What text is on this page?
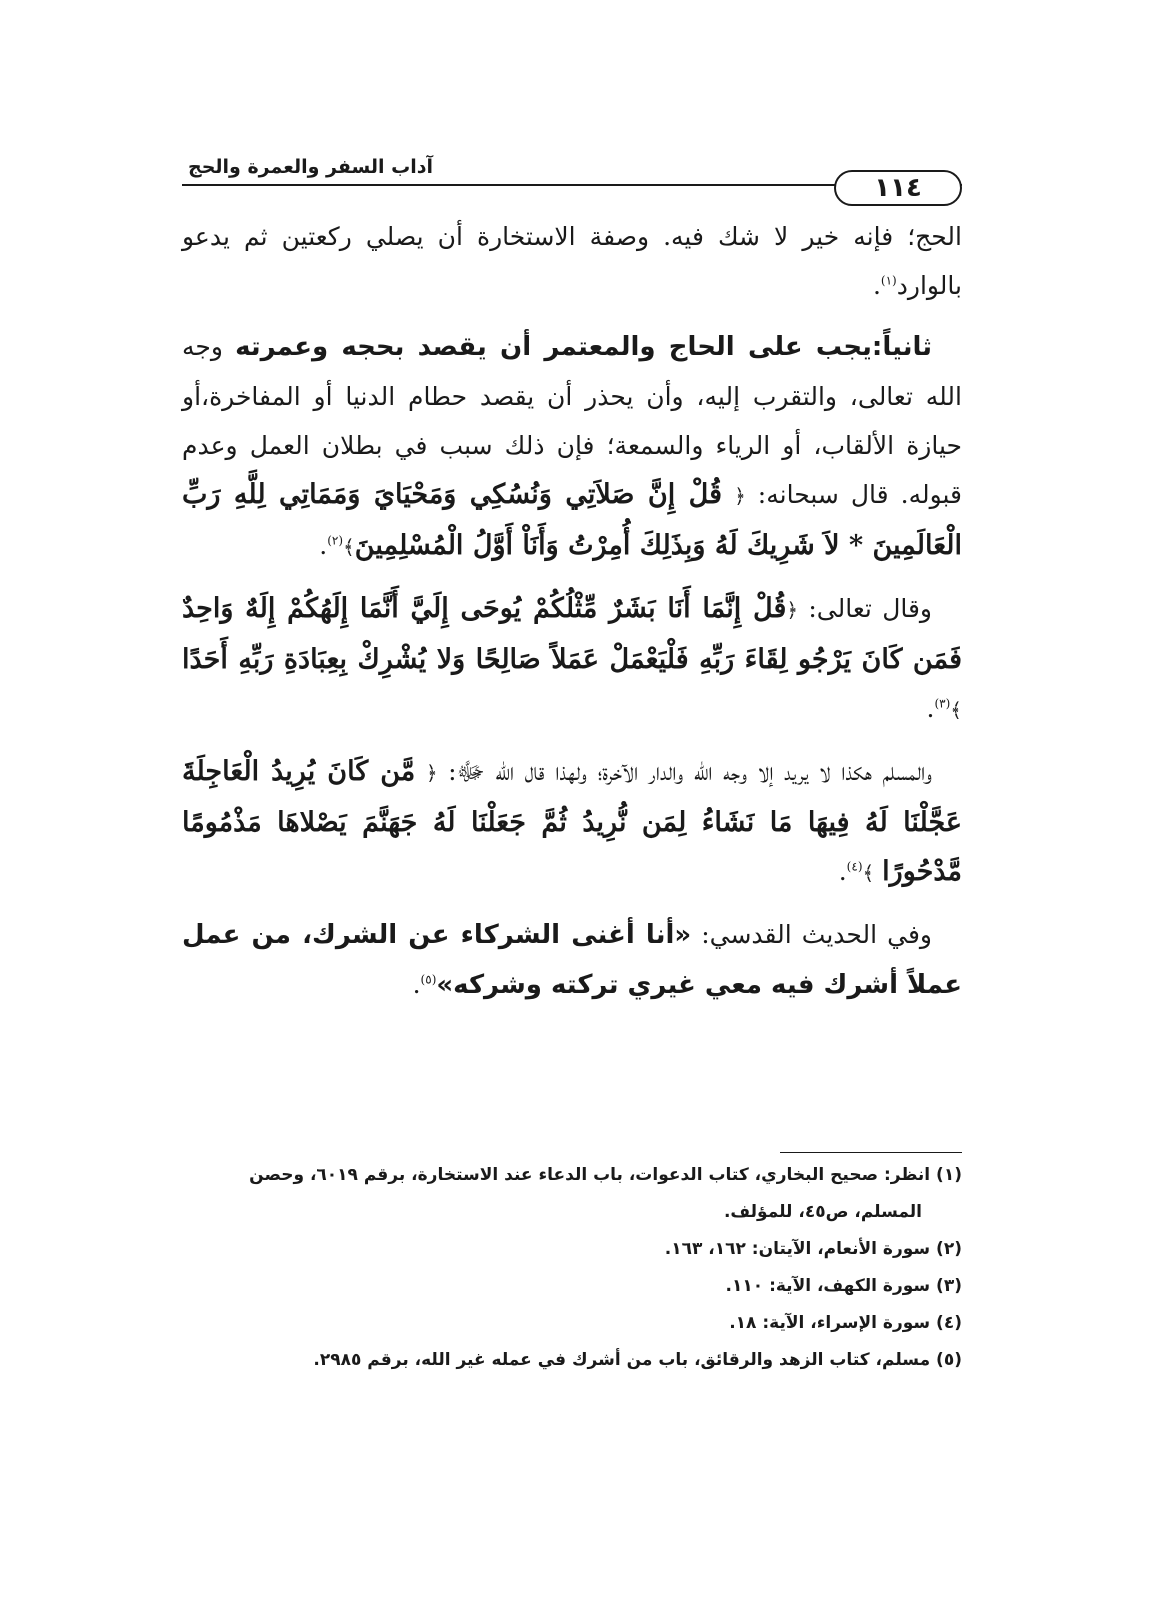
آداب السفر والعمرة والحج
١١٤

الحج؛ فإنه خير لا شك فيه. وصفة الاستخارة أن يصلي ركعتين ثم يدعو بالوارد$^{(١)}$.

ثانياً:يجب على الحاج والمعتمر أن يقصد بحجه وعمرته وجه الله تعالى، والتقرب إليه، وأن يحذر أن يقصد حطام الدنيا أو المفاخرة،أو حيازة الألقاب، أو الرياء والسمعة؛ فإن ذلك سبب في بطلان العمل وعدم قبوله. قال سبحانه: ﴿ قُلْ إِنَّ صَلاَتِي وَنُسُكِي وَمَحْيَايَ وَمَمَاتِي لِلَّهِ رَبِّ الْعَالَمِينَ * لاَ شَرِيكَ لَهُ وَبِذَلِكَ أُمِرْتُ وَأَنَاْ أَوَّلُ الْمُسْلِمِينَ﴾$^{(٢)}$.

وقال تعالى: ﴿قُلْ إِنَّمَا أَنَا بَشَرٌ مِّثْلُكُمْ يُوحَى إِلَيَّ أَنَّمَا إِلَهُكُمْ إِلَهٌ وَاحِدٌ فَمَن كَانَ يَرْجُو لِقَاءَ رَبِّهِ فَلْيَعْمَلْ عَمَلاً صَالِحًا وَلا يُشْرِكْ بِعِبَادَةِ رَبِّهِ أَحَدًا ﴾$^{(٣)}$.

والمسلم هكذا لا يريد إلا وجه الله والدار الآخرة؛ ولهذا قال الله ﷻ: ﴿ مَّن كَانَ يُرِيدُ الْعَاجِلَةَ عَجَّلْنَا لَهُ فِيهَا مَا نَشَاءُ لِمَن نُّرِيدُ ثُمَّ جَعَلْنَا لَهُ جَهَنَّمَ يَصْلاهَا مَذْمُومًا مَّدْحُورًا ﴾$^{(٤)}$.

وفي الحديث القدسي: «أنا أغنى الشركاء عن الشرك، من عمل عملاً أشرك فيه معي غيري تركته وشركه»$^{(٥)}$.

(١) انظر: صحيح البخاري، كتاب الدعوات، باب الدعاء عند الاستخارة، برقم ٦٠١٩، وحصن

المسلم، ص٤٥، للمؤلف.

(٢) سورة الأنعام، الآيتان: ١٦٢، ١٦٣.

(٣) سورة الكهف، الآية: ١١٠.

(٤) سورة الإسراء، الآية: ١٨.

(٥) مسلم، كتاب الزهد والرقائق، باب من أشرك في عمله غير الله، برقم ٢٩٨٥.
